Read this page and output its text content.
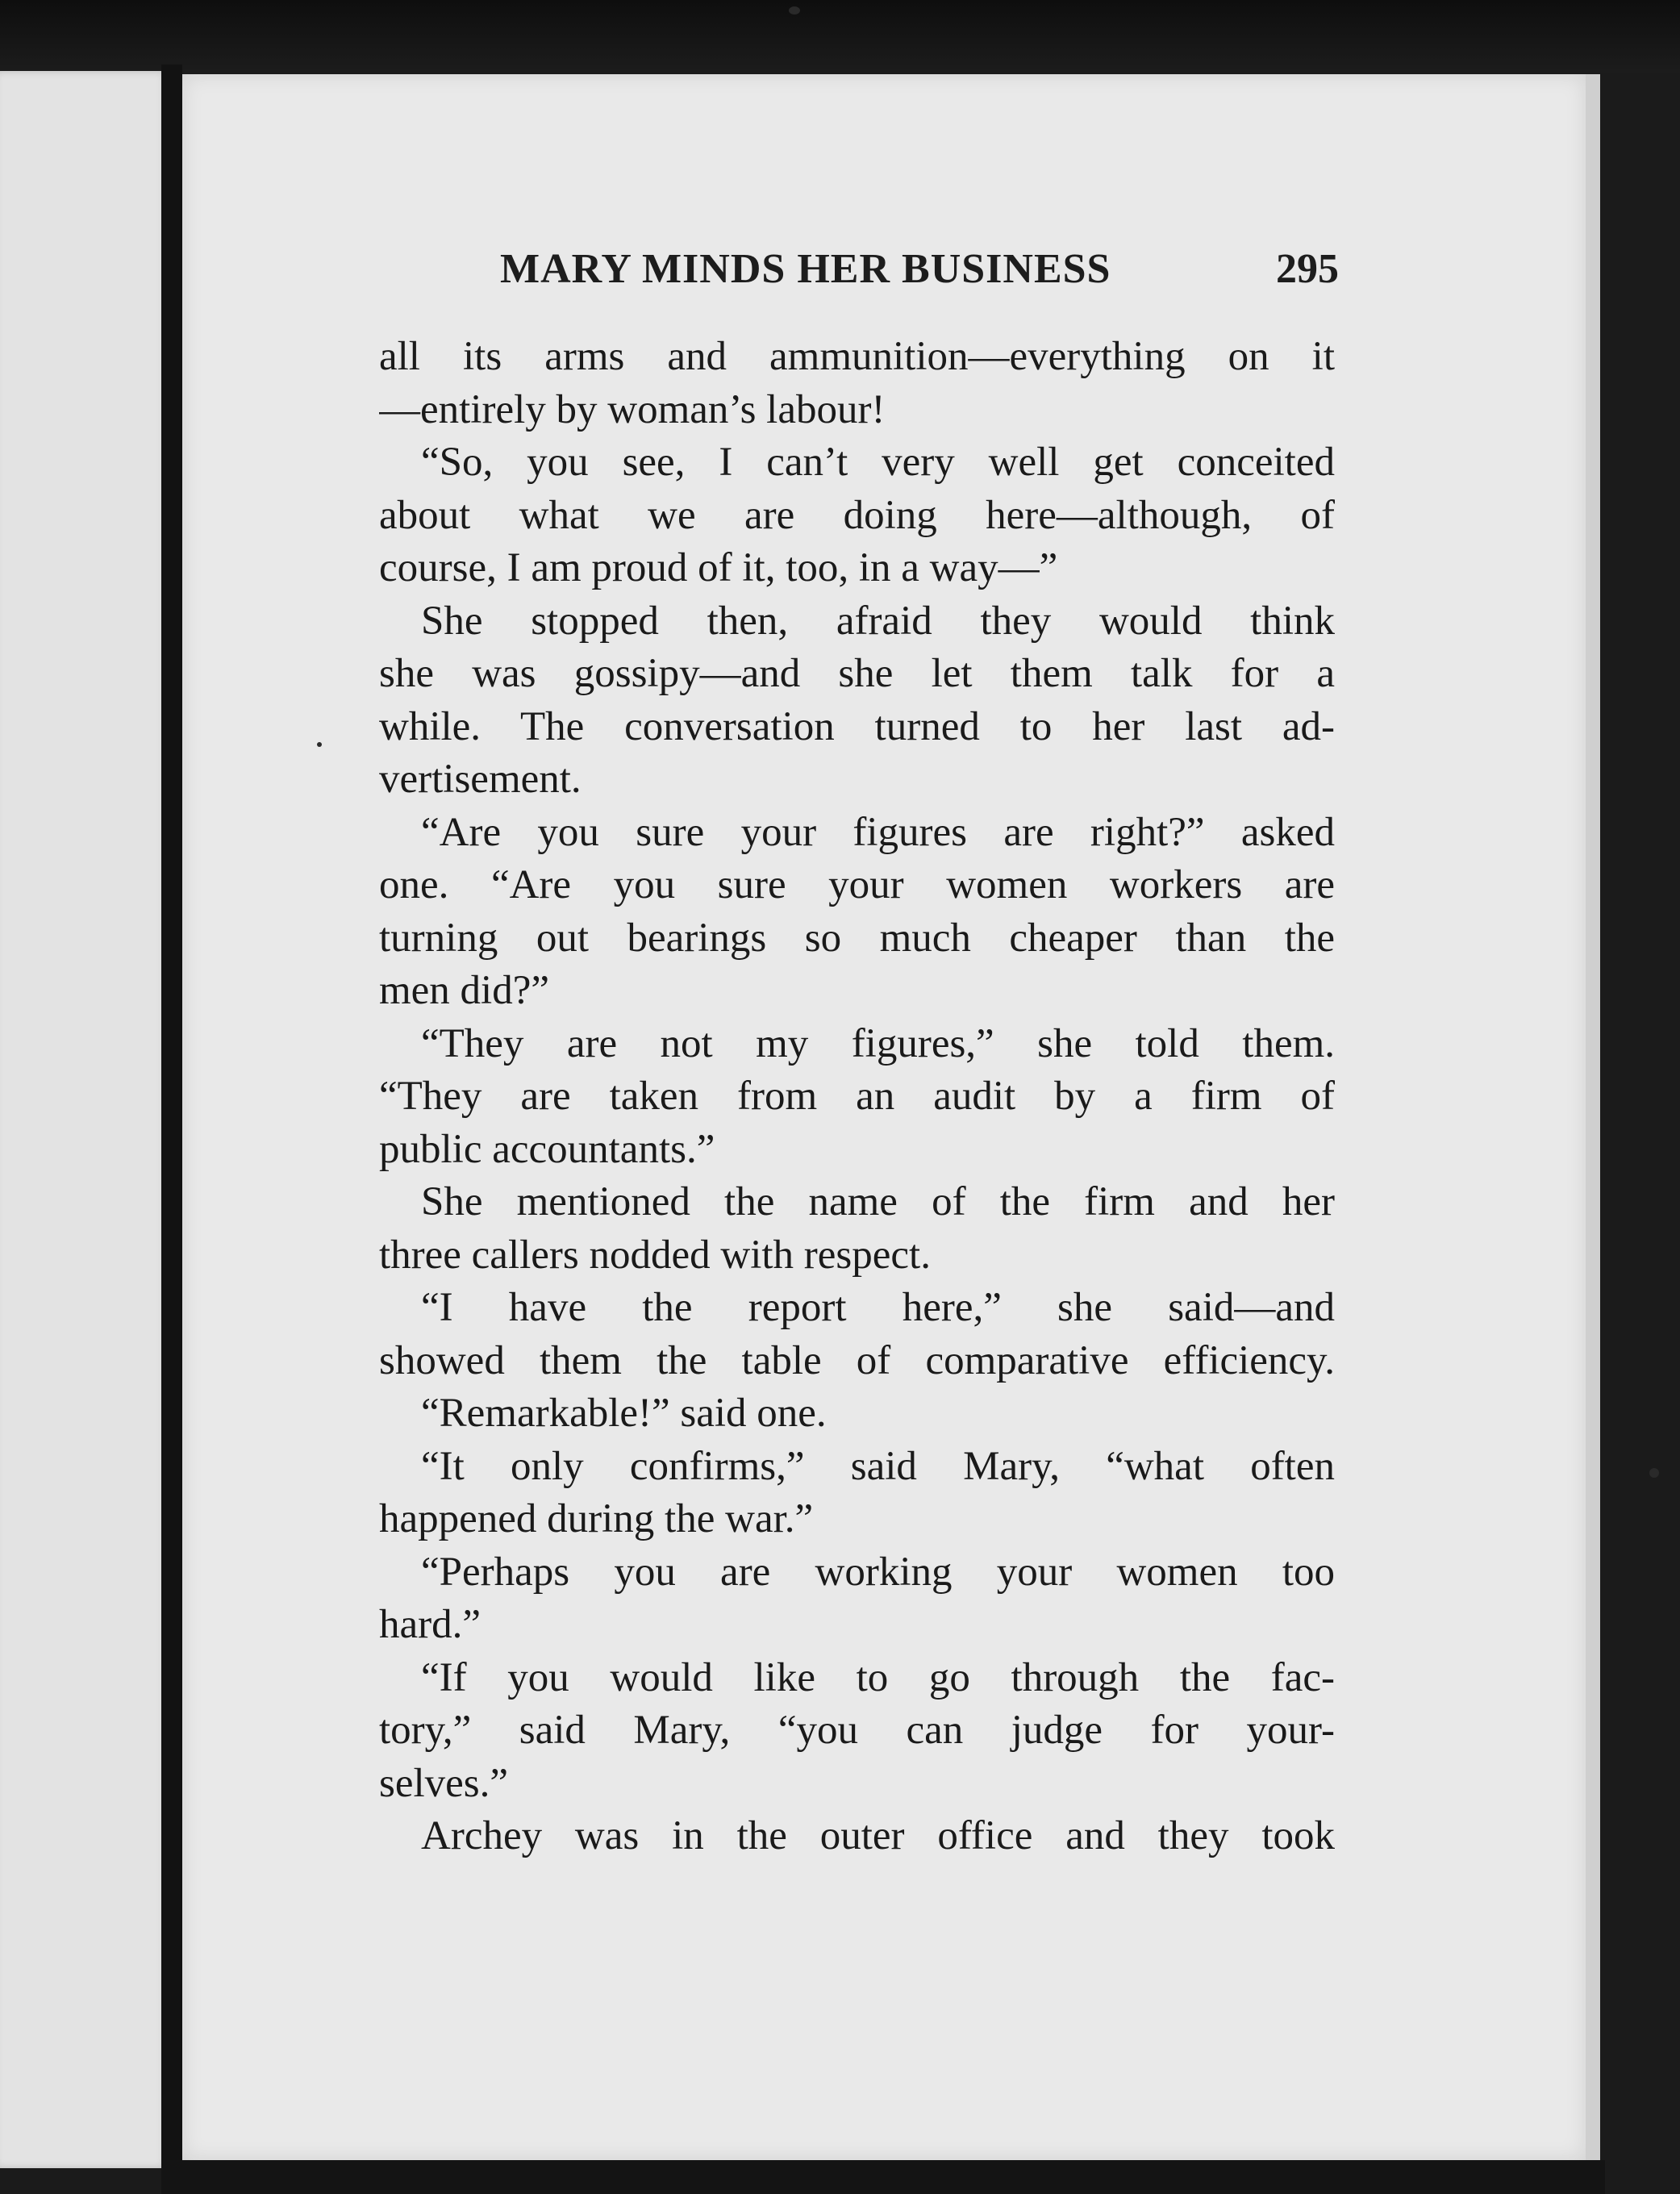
MARY MINDS HER BUSINESS	295
all its arms and ammunition—everything on it
—entirely by woman’s labour!
“So, you see, I can’t very well get conceited
about what we are doing here—although, of
course, I am proud of it, too, in a way—”
She stopped then, afraid they would think
she was gossipy—and she let them talk for a
while. The conversation turned to her last ad-
vertisement.
“Are you sure your figures are right?” asked
one. “Are you sure your women workers are
turning out bearings so much cheaper than the
men did?”
“They are not my figures,” she told them.
“They are taken from an audit by a firm of
public accountants.”
She mentioned the name of the firm and her
three callers nodded with respect.
“I have the report here,” she said—and
showed them the table of comparative efficiency.
“Remarkable!” said one.
“It only confirms,” said Mary, “what often
happened during the war.”
“Perhaps you are working your women too
hard.”
“If you would like to go through the fac-
tory,” said Mary, “you can judge for your-
selves.”
Archey was in the outer office and they took
